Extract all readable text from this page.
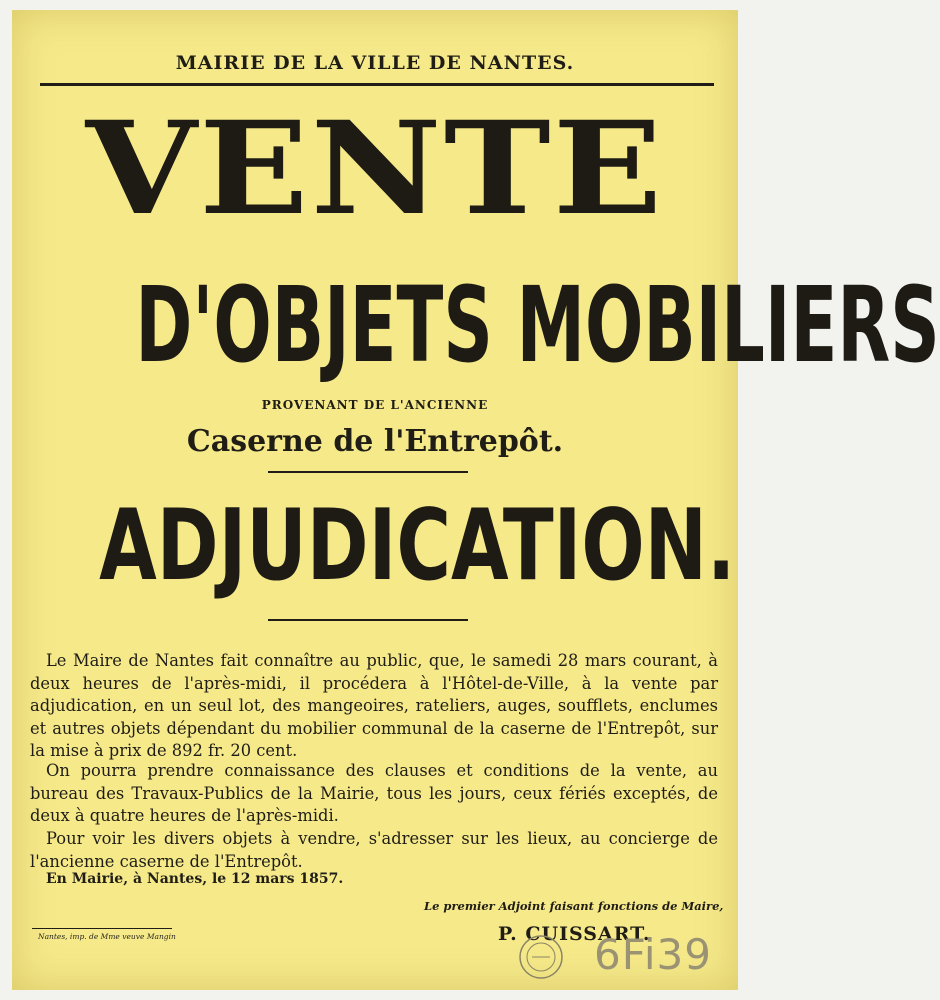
MAIRIE DE LA VILLE DE NANTES.
VENTE
D'OBJETS MOBILIERS
PROVENANT DE L'ANCIENNE
Caserne de l'Entrepôt.
ADJUDICATION.
Le Maire de Nantes fait connaître au public, que, le samedi 28 mars courant, à deux heures de l'après-midi, il procédera à l'Hôtel-de-Ville, à la vente par adjudication, en un seul lot, des mangeoires, rateliers, auges, soufflets, enclumes et autres objets dépendant du mobilier communal de la caserne de l'Entrepôt, sur la mise à prix de 892 fr. 20 cent.
On pourra prendre connaissance des clauses et conditions de la vente, au bureau des Travaux-Publics de la Mairie, tous les jours, ceux fériés exceptés, de deux à quatre heures de l'après-midi.
Pour voir les divers objets à vendre, s'adresser sur les lieux, au concierge de l'ancienne caserne de l'Entrepôt.
En Mairie, à Nantes, le 12 mars 1857.
Le premier Adjoint faisant fonctions de Maire,
P. CUISSART.
Nantes, imp. de Mme veuve Mangin	6Fi39
